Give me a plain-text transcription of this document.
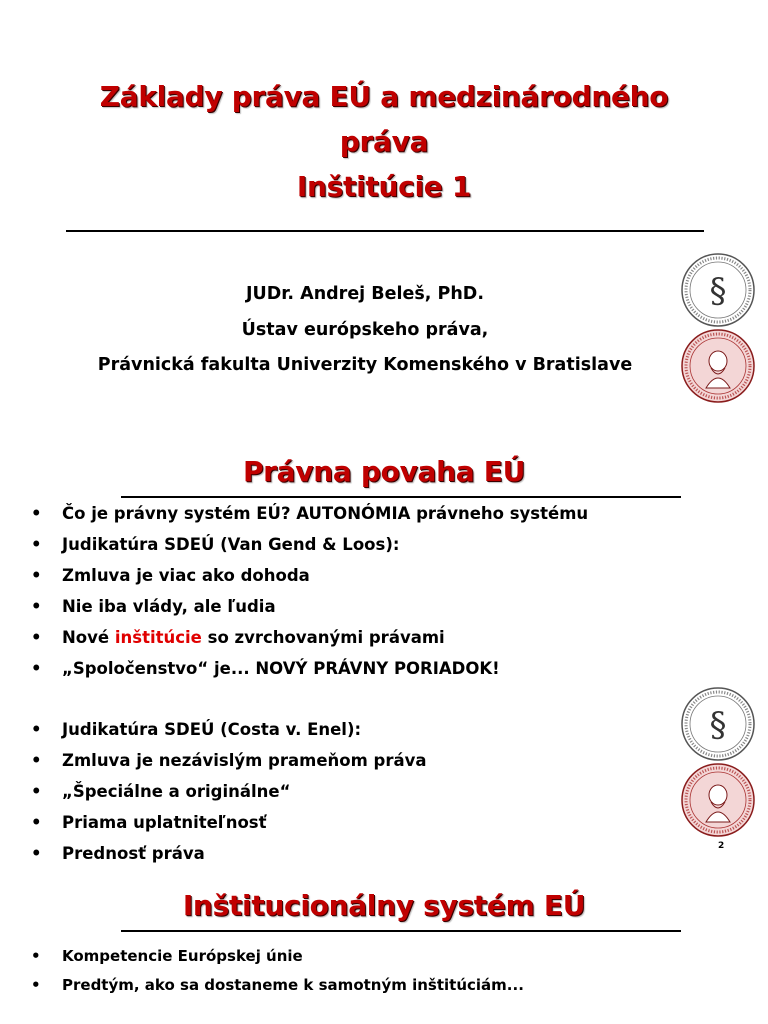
Základy práva EÚ a medzinárodného
práva
Inštitúcie 1
JUDr. Andrej Beleš, PhD.
Ústav európskeho práva,
Právnická fakulta Univerzity Komenského v Bratislave
§
Právna povaha EÚ
• Čo je právny systém EÚ? AUTONÓMIA právneho systému
• Judikatúra SDEÚ (Van Gend & Loos):
• Zmluva je viac ako dohoda
• Nie iba vlády, ale ľudia
• Nové inštitúcie so zvrchovanými právami
• „Spoločenstvo“ je... NOVÝ PRÁVNY PORIADOK!
• Judikatúra SDEÚ (Costa v. Enel):
• Zmluva je nezávislým prameňom práva
• „Špeciálne a originálne“
• Priama uplatniteľnosť
• Prednosť práva
§
2
Inštitucionálny systém EÚ
• Kompetencie Európskej únie
• Predtým, ako sa dostaneme k samotným inštitúciám...
